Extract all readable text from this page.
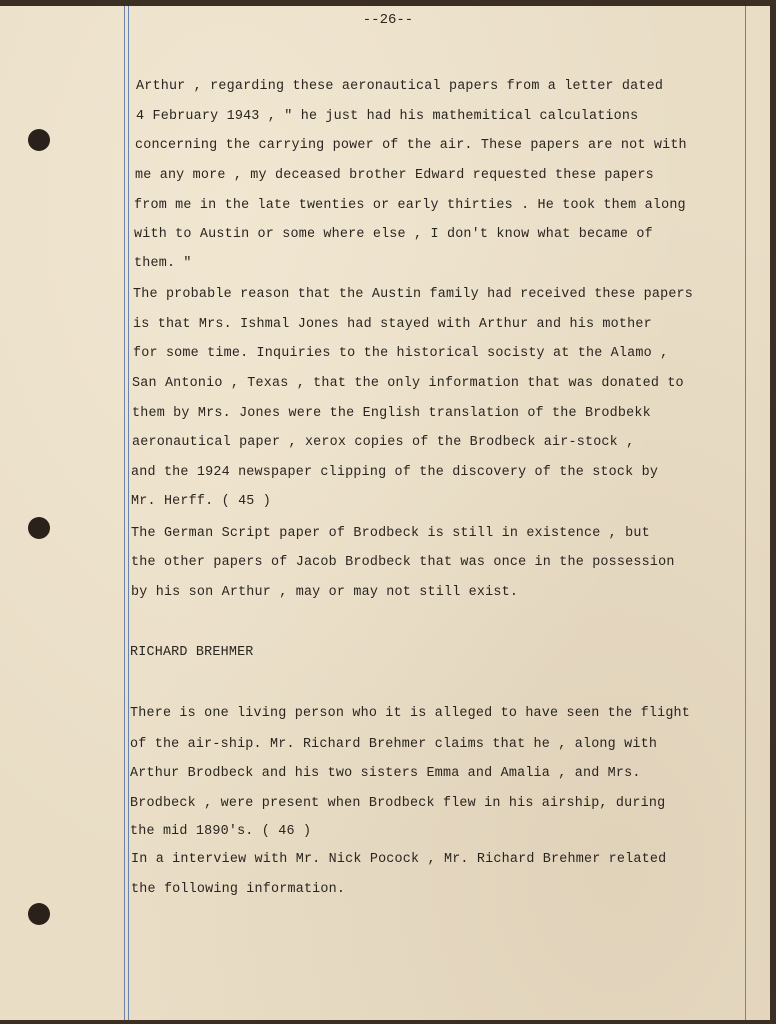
--26--
Arthur , regarding these aeronautical papers from a letter dated
4 February 1943 , " he just had his mathemitical calculations
concerning the carrying power of the air. These papers are not with
me any more , my deceased brother Edward requested these papers
from me in the late twenties or early thirties . He took them along
with to Austin or some where else , I don't know what became of
them. "
The probable reason that the Austin family had received these papers
is that Mrs. Ishmal Jones had stayed with Arthur and his mother
for some time. Inquiries to the historical socisty at the Alamo ,
San Antonio , Texas , that the only information that was donated to
them by Mrs. Jones were the English translation of the Brodbekk
aeronautical paper , xerox copies of the Brodbeck air-stock ,
and the 1924 newspaper clipping of the discovery of the stock by
Mr. Herff. ( 45 )
The German Script paper of Brodbeck is still in existence , but
the other papers of Jacob Brodbeck that was once in the possession
by his son Arthur , may or may not still exist.
RICHARD BREHMER
There is one living person who it is alleged to have seen the flight
of the air-ship. Mr. Richard Brehmer claims that he , along with
Arthur Brodbeck and his two sisters Emma and Amalia , and Mrs.
Brodbeck , were present when Brodbeck flew in his airship, during
the mid 1890's. ( 46 )
In a interview with Mr. Nick Pocock , Mr. Richard Brehmer related
the following information.
